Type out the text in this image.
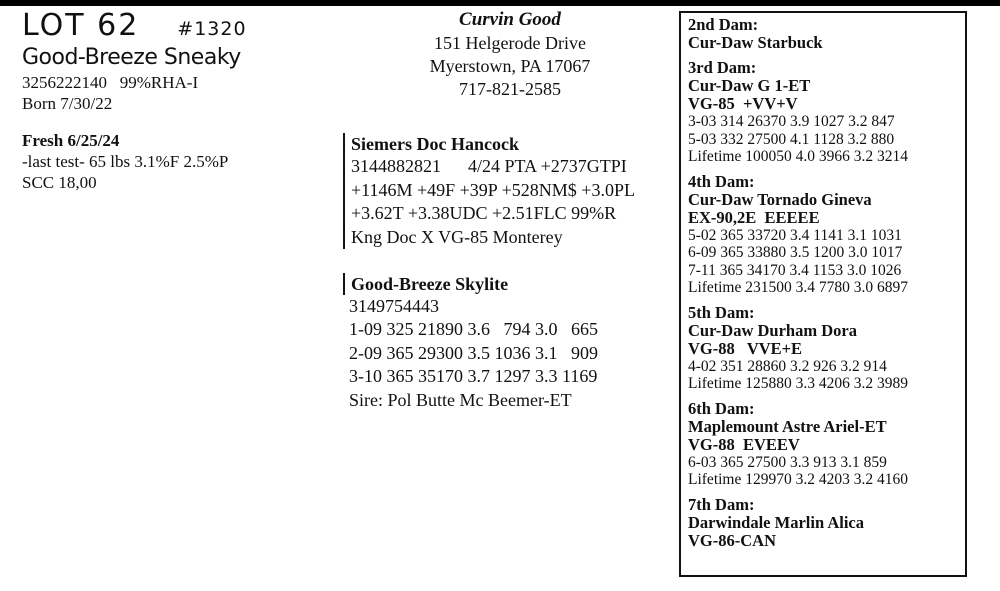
LOT 62 #1320
Good-Breeze Sneaky
3256222140   99%RHA-I
Born 7/30/22
Fresh 6/25/24
-last test- 65 lbs 3.1%F 2.5%P
SCC 18,00
Curvin Good
151 Helgerode Drive
Myerstown, PA 17067
717-821-2585
Siemers Doc Hancock
3144882821      4/24 PTA +2737GTPI
+1146M +49F +39P +528NM$ +3.0PL
+3.62T +3.38UDC +2.51FLC 99%R
Kng Doc X VG-85 Monterey
Good-Breeze Skylite
3149754443
1-09 325 21890 3.6   794 3.0   665
2-09 365 29300 3.5 1036 3.1   909
3-10 365 35170 3.7 1297 3.3 1169
Sire: Pol Butte Mc Beemer-ET
2nd Dam:
Cur-Daw Starbuck
3rd Dam:
Cur-Daw G 1-ET
VG-85  +VV+V
3-03 314 26370 3.9 1027 3.2 847
5-03 332 27500 4.1 1128 3.2 880
Lifetime 100050 4.0 3966 3.2 3214
4th Dam:
Cur-Daw Tornado Gineva
EX-90,2E  EEEEE
5-02 365 33720 3.4 1141 3.1 1031
6-09 365 33880 3.5 1200 3.0 1017
7-11 365 34170 3.4 1153 3.0 1026
Lifetime 231500 3.4 7780 3.0 6897
5th Dam:
Cur-Daw Durham Dora
VG-88   VVE+E
4-02 351 28860 3.2 926 3.2 914
Lifetime 125880 3.3 4206 3.2 3989
6th Dam:
Maplemount Astre Ariel-ET
VG-88  EVEEV
6-03 365 27500 3.3 913 3.1 859
Lifetime 129970 3.2 4203 3.2 4160
7th Dam:
Darwindale Marlin Alica
VG-86-CAN
